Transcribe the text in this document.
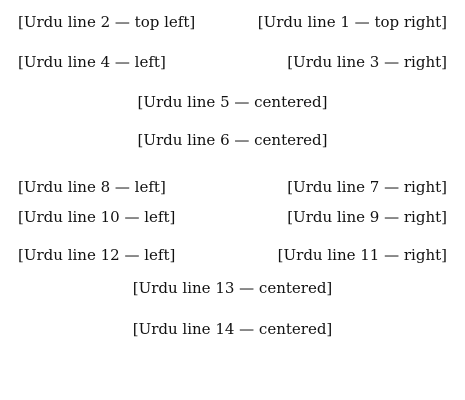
[Urdu line 1 — top right]
[Urdu line 2 — top left]
[Urdu line 3 — right]
[Urdu line 4 — left]
[Urdu line 5 — centered]
[Urdu line 6 — centered]
[Urdu line 7 — right]
[Urdu line 8 — left]
[Urdu line 9 — right]
[Urdu line 10 — left]
[Urdu line 11 — right]
[Urdu line 12 — left]
[Urdu line 13 — centered]
[Urdu line 14 — centered]
